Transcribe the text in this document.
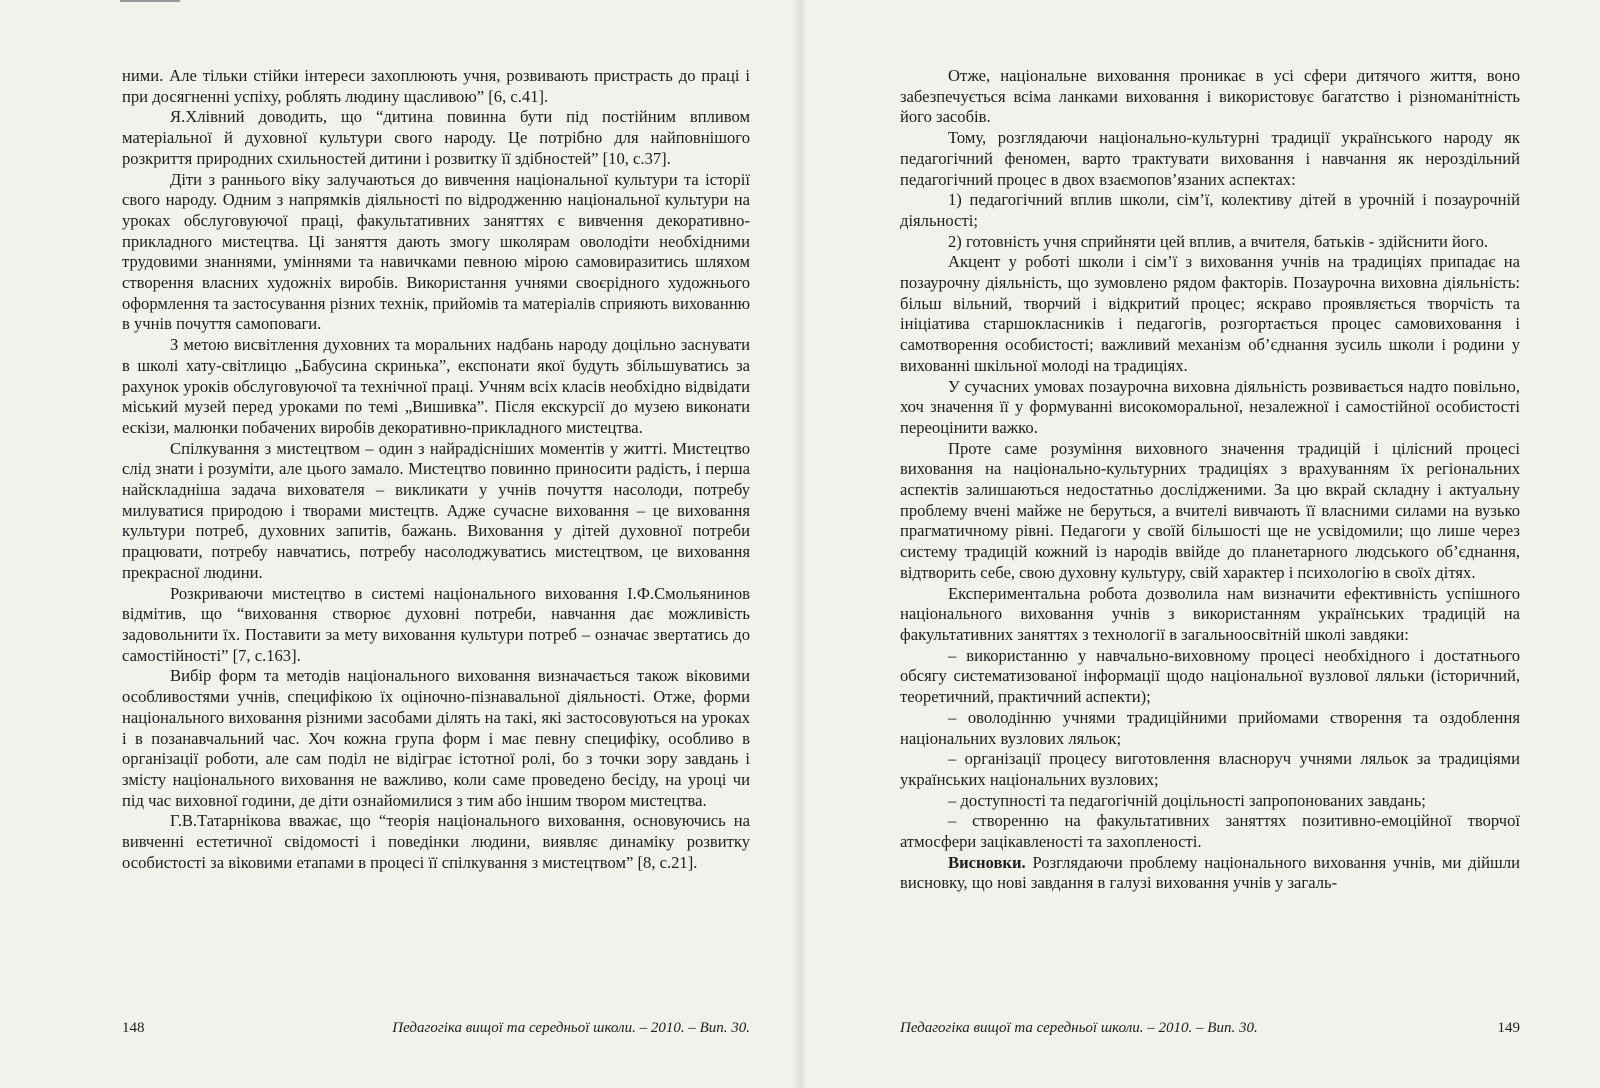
ними. Але тільки стійки інтереси захоплюють учня, розвивають пристрасть до праці і при досягненні успіху, роблять людину щасливою” [6, с.41].

Я.Хлівний доводить, що “дитина повинна бути під постійним впливом матеріальної й духовної культури свого народу. Це потрібно для найповнішого розкриття природних схильностей дитини і розвитку її здібностей” [10, с.37].

Діти з раннього віку залучаються до вивчення національної культури та історії свого народу. Одним з напрямків діяльності по відродженню національної культури на уроках обслуговуючої праці, факультативних заняттях є вивчення декоративно-прикладного мистецтва. Ці заняття дають змогу школярам оволодіти необхідними трудовими знаннями, уміннями та навичками певною мірою самовиразитись шляхом створення власних художніх виробів. Використання учнями своєрідного художнього оформлення та застосування різних технік, прийомів та матеріалів сприяють вихованню в учнів почуття самоповаги.

З метою висвітлення духовних та моральних надбань народу доцільно заснувати в школі хату-світлицю „Бабусина скринька”, експонати якої будуть збільшуватись за рахунок уроків обслуговуючої та технічної праці. Учням всіх класів необхідно відвідати міський музей перед уроками по темі „Вишивка”. Після екскурсії до музею виконати ескізи, малюнки побачених виробів декоративно-прикладного мистецтва.

Спілкування з мистецтвом – один з найрадісніших моментів у житті. Мистецтво слід знати і розуміти, але цього замало. Мистецтво повинно приносити радість, і перша найскладніша задача вихователя – викликати у учнів почуття насолоди, потребу милуватися природою і творами мистецтв. Адже сучасне виховання – це виховання культури потреб, духовних запитів, бажань. Виховання у дітей духовної потреби працювати, потребу навчатись, потребу насолоджуватись мистецтвом, це виховання прекрасної людини.

Розкриваючи мистецтво в системі національного виховання І.Ф.Смольянинов відмітив, що “виховання створює духовні потреби, навчання дає можливість задовольнити їх. Поставити за мету виховання культури потреб – означає звертатись до самостійності” [7, с.163].

Вибір форм та методів національного виховання визначається також віковими особливостями учнів, специфікою їх оціночно-пізнавальної діяльності. Отже, форми національного виховання різними засобами ділять на такі, які застосовуються на уроках і в позанавчальний час. Хоч кожна група форм і має певну специфіку, особливо в організації роботи, але сам поділ не відіграє істотної ролі, бо з точки зору завдань і змісту національного виховання не важливо, коли саме проведено бесіду, на уроці чи під час виховної години, де діти ознайомилися з тим або іншим твором мистецтва.

Г.В.Татарнікова вважає, що “теорія національного виховання, основуючись на вивченні естетичної свідомості і поведінки людини, виявляє динаміку розвитку особистості за віковими етапами в процесі її спілкування з мистецтвом” [8, с.21].

148	Педагогіка вищої та середньої школи. – 2010. – Вип. 30.

Отже, національне виховання проникає в усі сфери дитячого життя, воно забезпечується всіма ланками виховання і використовує багатство і різноманітність його засобів.

Тому, розглядаючи національно-культурні традиції українського народу як педагогічний феномен, варто трактувати виховання і навчання як нероздільний педагогічний процес в двох взаємопов’язаних аспектах:

1) педагогічний вплив школи, сім’ї, колективу дітей в урочній і позаурочній діяльності;

2) готовність учня сприйняти цей вплив, а вчителя, батьків - здійснити його.

Акцент у роботі школи і сім’ї з виховання учнів на традиціях припадає на позаурочну діяльність, що зумовлено рядом факторів. Позаурочна виховна діяльність: більш вільний, творчий і відкритий процес; яскраво проявляється творчість та ініціатива старшокласників і педагогів, розгортається процес самовиховання і самотворення особистості; важливий механізм об’єднання зусиль школи і родини у вихованні шкільної молоді на традиціях.

У сучасних умовах позаурочна виховна діяльність розвивається надто повільно, хоч значення її у формуванні високоморальної, незалежної і самостійної особистості переоцінити важко.

Проте саме розуміння виховного значення традицій і цілісний процесі виховання на національно-культурних традиціях з врахуванням їх регіональних аспектів залишаються недостатньо дослідженими. За цю вкрай складну і актуальну проблему вчені майже не беруться, а вчителі вивчають її власними силами на вузько прагматичному рівні. Педагоги у своїй більшості ще не усвідомили; що лише через систему традицій кожний із народів ввійде до планетарного людського об’єднання, відтворить себе, свою духовну культуру, свій характер і психологію в своїх дітях.

Експериментальна робота дозволила нам визначити ефективність успішного національного виховання учнів з використанням українських традицій на факультативних заняттях з технології в загальноосвітній школі завдяки:

– використанню у навчально-виховному процесі необхідного і достатнього обсягу систематизованої інформації щодо національної вузлової ляльки (історичний, теоретичний, практичний аспекти);

– оволодінню учнями традиційними прийомами створення та оздоблення національних вузлових ляльок;

– організації процесу виготовлення власноруч учнями ляльок за традиціями українських національних вузлових;

– доступності та педагогічній доцільності запропонованих завдань;

– створенню на факультативних заняттях позитивно-емоційної творчої атмосфери зацікавленості та захопленості.

Висновки. Розглядаючи проблему національного виховання учнів, ми дійшли висновку, що нові завдання в галузі виховання учнів у загаль-

Педагогіка вищої та середньої школи. – 2010. – Вип. 30.	149
